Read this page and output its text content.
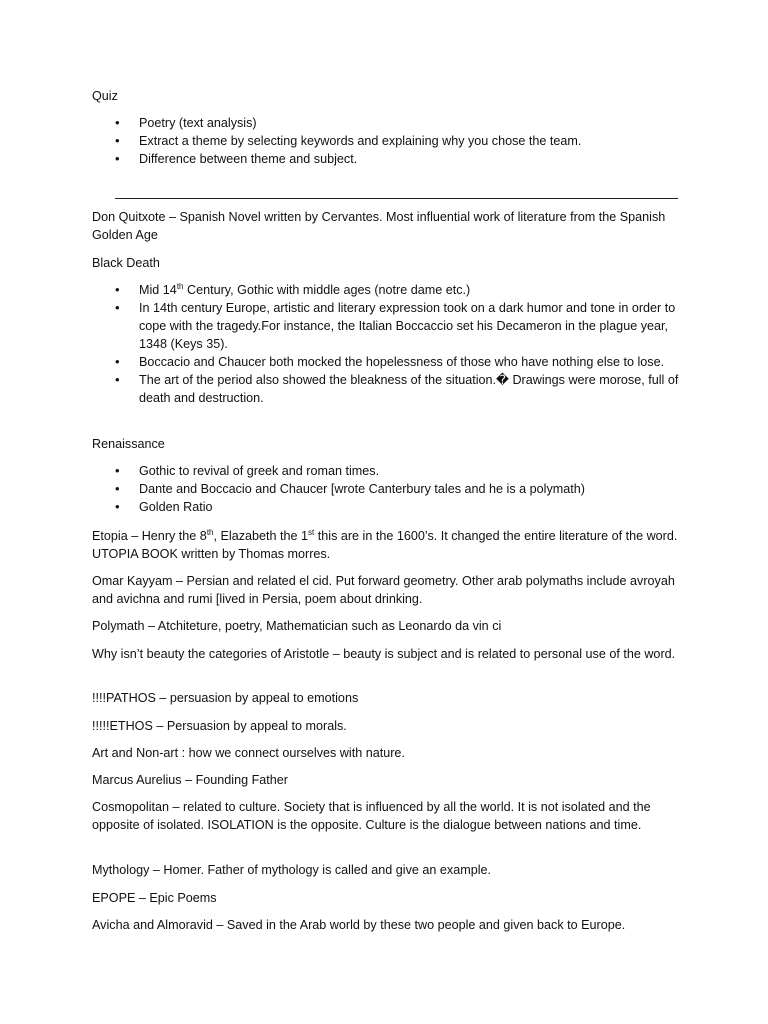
Quiz

• Poetry (text analysis)
• Extract a theme by selecting keywords and explaining why you chose the team.
• Difference between theme and subject.

Don Quitxote – Spanish Novel written by Cervantes. Most influential work of literature from the Spanish Golden Age

Black Death

• Mid 14th Century, Gothic with middle ages (notre dame etc.)
• In 14th century Europe, artistic and literary expression took on a dark humor and tone in order to cope with the tragedy.For instance, the Italian Boccaccio set his Decameron in the plague year, 1348 (Keys 35).
• Boccacio and Chaucer both mocked the hopelessness of those who have nothing else to lose.
• The art of the period also showed the bleakness of the situation.� Drawings were morose, full of death and destruction.

Renaissance

• Gothic to revival of greek and roman times.
• Dante and Boccacio and Chaucer [wrote Canterbury tales and he is a polymath)
• Golden Ratio

Etopia – Henry the 8th, Elazabeth the 1st this are in the 1600’s. It changed the entire literature of the word. UTOPIA BOOK written by Thomas morres.

Omar Kayyam – Persian and related el cid. Put forward geometry. Other arab polymaths include avroyah and avichna and rumi [lived in Persia, poem about drinking.

Polymath – Atchiteture, poetry, Mathematician such as Leonardo da vin ci

Why isn’t beauty the categories of Aristotle – beauty is subject and is related to personal use of the word.

!!!!PATHOS – persuasion by appeal to emotions

!!!!!ETHOS – Persuasion by appeal to morals.

Art and Non-art : how we connect ourselves with nature.

Marcus Aurelius – Founding Father

Cosmopolitan – related to culture. Society that is influenced by all the world. It is not isolated and the opposite of isolated. ISOLATION is the opposite. Culture is the dialogue between nations and time.

Mythology – Homer. Father of mythology is called and give an example.

EPOPE – Epic Poems

Avicha and Almoravid – Saved in the Arab world by these two people and given back to Europe.
